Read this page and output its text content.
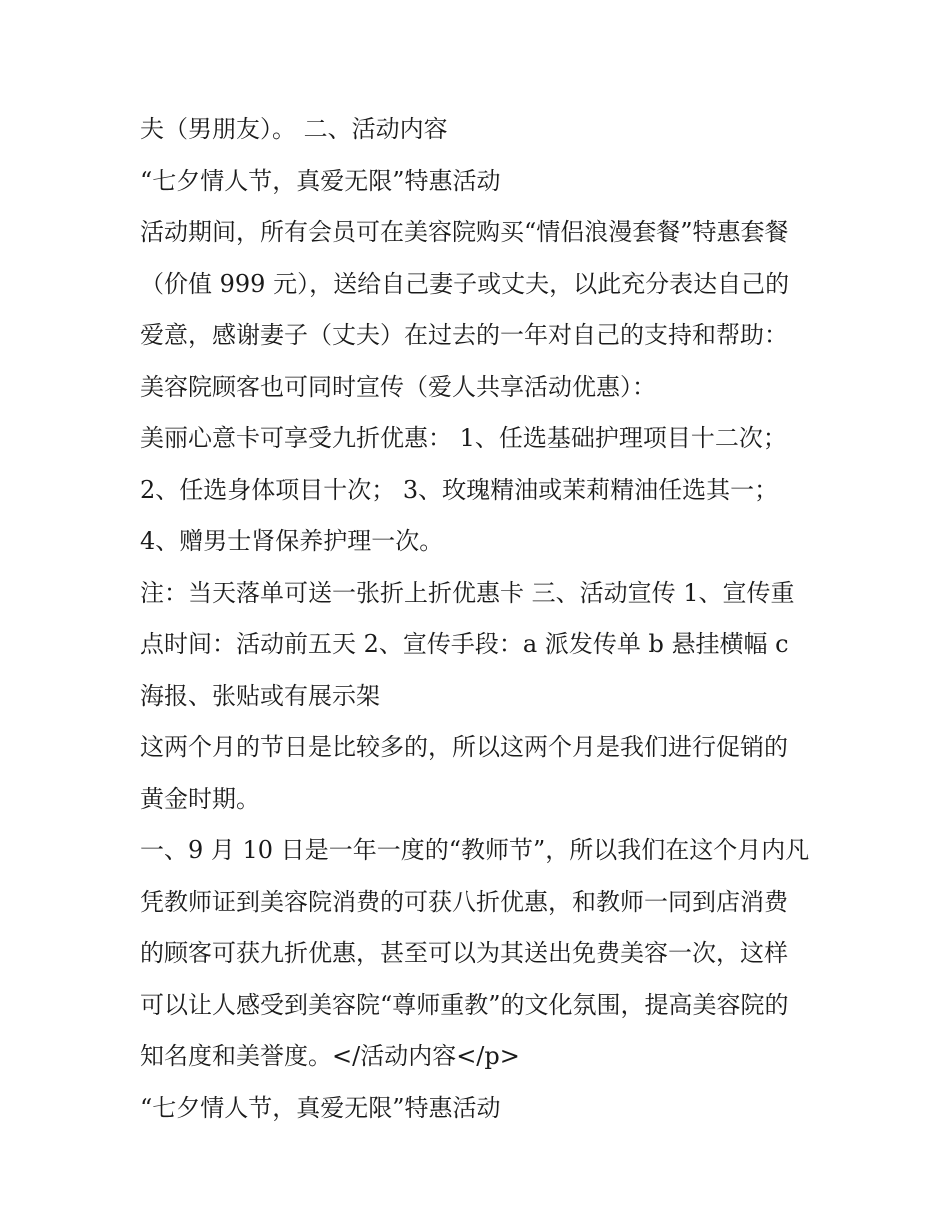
夫（男朋友）。 二、活动内容
“七夕情人节，真爱无限”特惠活动
活动期间，所有会员可在美容院购买“情侣浪漫套餐”特惠套餐
（价值 999 元），送给自己妻子或丈夫，以此充分表达自己的
爱意，感谢妻子（丈夫）在过去的一年对自己的支持和帮助：
美容院顾客也可同时宣传（爱人共享活动优惠）：
美丽心意卡可享受九折优惠： 1、任选基础护理项目十二次；
2、任选身体项目十次； 3、玫瑰精油或茉莉精油任选其一；
4、赠男士肾保养护理一次。
注：当天落单可送一张折上折优惠卡 三、活动宣传 1、宣传重
点时间：活动前五天 2、宣传手段：a 派发传单 b 悬挂横幅 c
海报、张贴或有展示架
这两个月的节日是比较多的，所以这两个月是我们进行促销的
黄金时期。
一、9 月 10 日是一年一度的“教师节”，所以我们在这个月内凡
凭教师证到美容院消费的可获八折优惠，和教师一同到店消费
的顾客可获九折优惠，甚至可以为其送出免费美容一次，这样
可以让人感受到美容院“尊师重教”的文化氛围，提高美容院的
知名度和美誉度。</活动内容</p>
“七夕情人节，真爱无限”特惠活动
